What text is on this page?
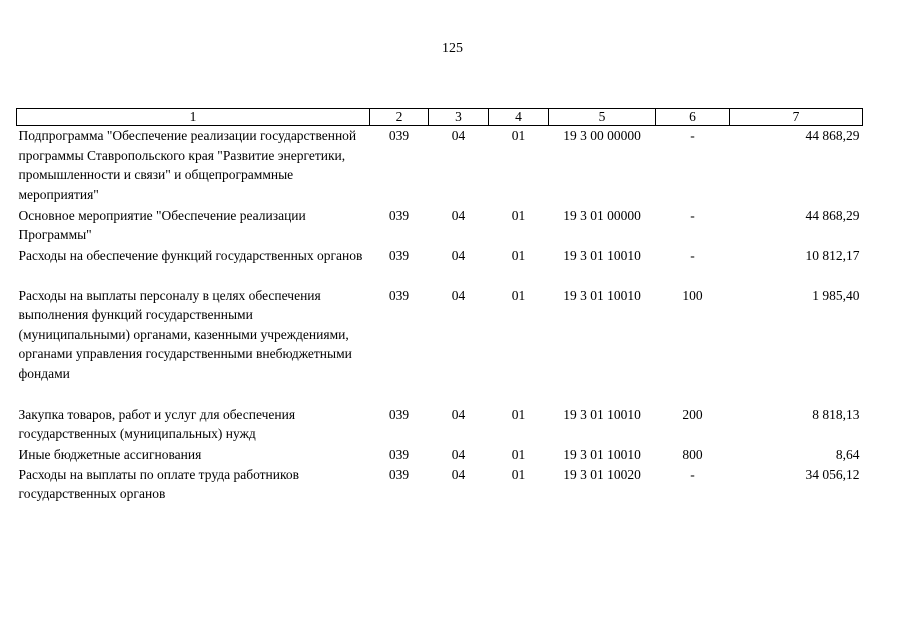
125
1	2	3	4	5	6	7
Подпрограмма "Обеспечение реализации государственной программы Ставропольского края "Развитие энергетики, промышленности и связи" и общепрограммные мероприятия"	039	04	01	19 3 00 00000	-	44 868,29
Основное мероприятие "Обеспечение реализации Программы"	039	04	01	19 3 01 00000	-	44 868,29
Расходы на обеспечение функций государственных органов	039	04	01	19 3 01 10010	-	10 812,17
Расходы на выплаты персоналу в целях обеспечения выполнения функций государственными (муниципальными) органами, казенными учреждениями, органами управления государственными внебюджетными фондами	039	04	01	19 3 01 10010	100	1 985,40
Закупка товаров, работ и услуг для обеспечения государственных (муниципальных) нужд	039	04	01	19 3 01 10010	200	8 818,13
Иные бюджетные ассигнования	039	04	01	19 3 01 10010	800	8,64
Расходы на выплаты по оплате труда работников государственных органов	039	04	01	19 3 01 10020	-	34 056,12
